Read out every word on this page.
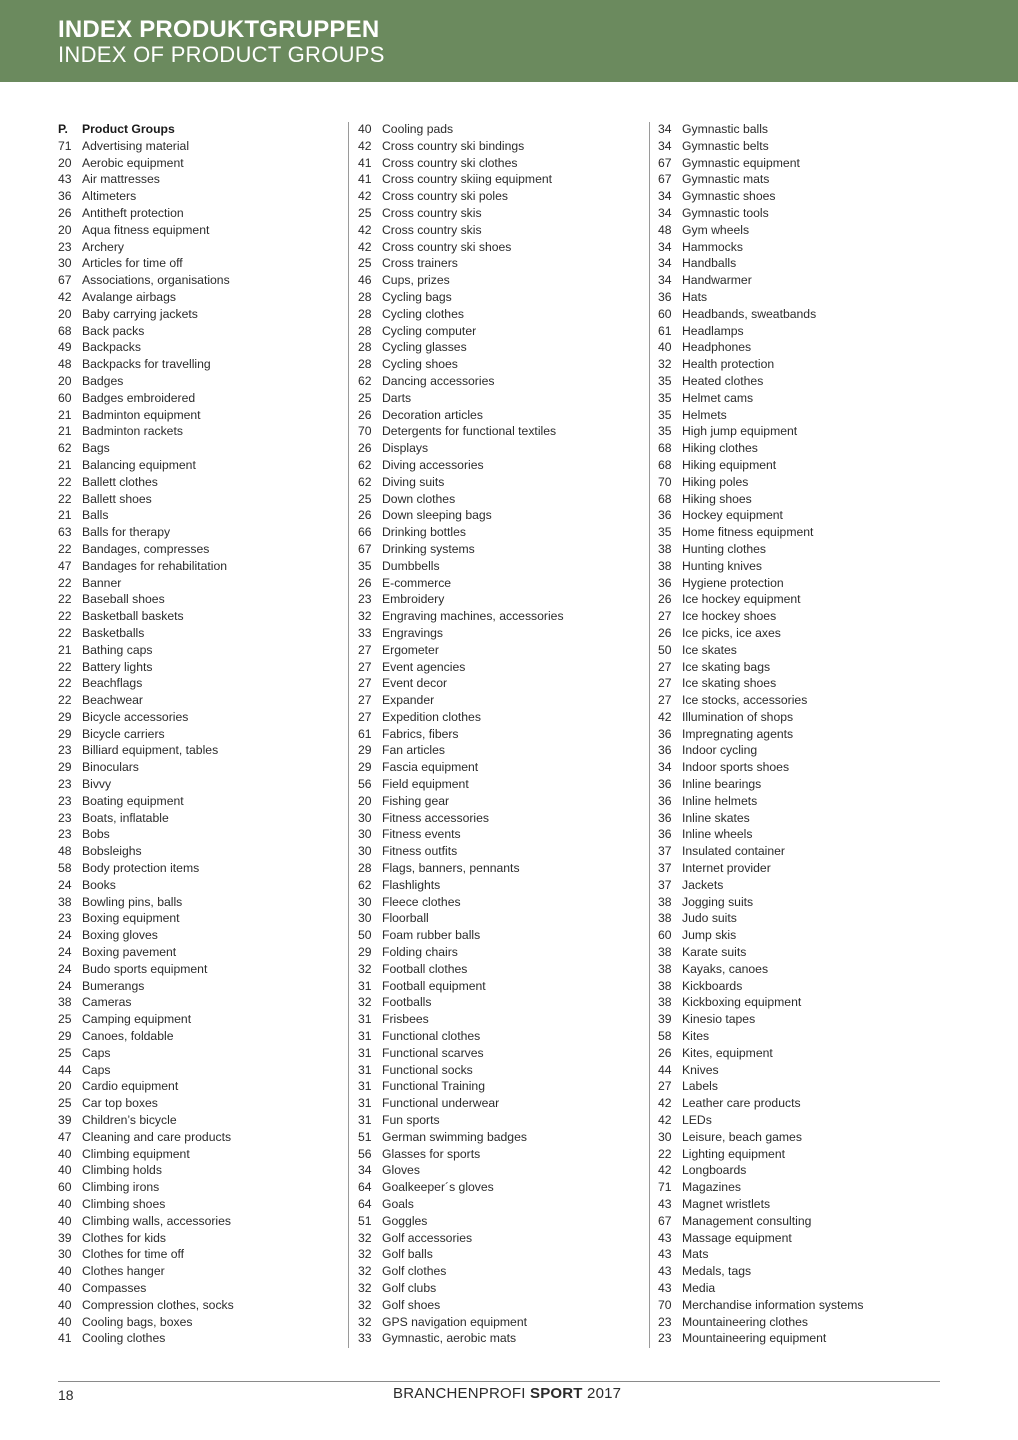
INDEX PRODUKTGRUPPEN
INDEX OF PRODUCT GROUPS
P.	Product Groups
71 Advertising material
20 Aerobic equipment
43 Air mattresses
36 Altimeters
26 Antitheft protection
20 Aqua fitness equipment
23 Archery
30 Articles for time off
67 Associations, organisations
42 Avalange airbags
20 Baby carrying jackets
68 Back packs
49 Backpacks
48 Backpacks for travelling
20 Badges
60 Badges embroidered
21 Badminton equipment
21 Badminton rackets
62 Bags
21 Balancing equipment
22 Ballett clothes
22 Ballett shoes
21 Balls
63 Balls for therapy
22 Bandages, compresses
47 Bandages for rehabilitation
22 Banner
22 Baseball shoes
22 Basketball baskets
22 Basketballs
21 Bathing caps
22 Battery lights
22 Beachflags
22 Beachwear
29 Bicycle accessories
29 Bicycle carriers
23 Billiard equipment, tables
29 Binoculars
23 Bivvy
23 Boating equipment
23 Boats, inflatable
23 Bobs
48 Bobsleighs
58 Body protection items
24 Books
38 Bowling pins, balls
23 Boxing equipment
24 Boxing gloves
24 Boxing pavement
24 Budo sports equipment
24 Bumerangs
38 Cameras
25 Camping equipment
29 Canoes, foldable
25 Caps
44 Caps
20 Cardio equipment
25 Car top boxes
39 Children’s bicycle
47 Cleaning and care products
40 Climbing equipment
40 Climbing holds
60 Climbing irons
40 Climbing shoes
40 Climbing walls, accessories
39 Clothes for kids
30 Clothes for time off
40 Clothes hanger
40 Compasses
40 Compression clothes, socks
40 Cooling bags, boxes
41 Cooling clothes
40 Cooling pads
42 Cross country ski bindings
41 Cross country ski clothes
41 Cross country skiing equipment
42 Cross country ski poles
25 Cross country skis
42 Cross country skis
42 Cross country ski shoes
25 Cross trainers
46 Cups, prizes
28 Cycling bags
28 Cycling clothes
28 Cycling computer
28 Cycling glasses
28 Cycling shoes
62 Dancing accessories
25 Darts
26 Decoration articles
70 Detergents for functional textiles
26 Displays
62 Diving accessories
62 Diving suits
25 Down clothes
26 Down sleeping bags
66 Drinking bottles
67 Drinking systems
35 Dumbbells
26 E-commerce
23 Embroidery
32 Engraving machines, accessories
33 Engravings
27 Ergometer
27 Event agencies
27 Event decor
27 Expander
27 Expedition clothes
61 Fabrics, fibers
29 Fan articles
29 Fascia equipment
56 Field equipment
20 Fishing gear
30 Fitness accessories
30 Fitness events
30 Fitness outfits
28 Flags, banners, pennants
62 Flashlights
30 Fleece clothes
30 Floorball
50 Foam rubber balls
29 Folding chairs
32 Football clothes
31 Football equipment
32 Footballs
31 Frisbees
31 Functional clothes
31 Functional scarves
31 Functional socks
31 Functional Training
31 Functional underwear
31 Fun sports
51 German swimming badges
56 Glasses for sports
34 Gloves
64 Goalkeeper´s gloves
64 Goals
51 Goggles
32 Golf accessories
32 Golf balls
32 Golf clothes
32 Golf clubs
32 Golf shoes
32 GPS navigation equipment
33 Gymnastic, aerobic mats
34 Gymnastic balls
34 Gymnastic belts
67 Gymnastic equipment
67 Gymnastic mats
34 Gymnastic shoes
34 Gymnastic tools
48 Gym wheels
34 Hammocks
34 Handballs
34 Handwarmer
36 Hats
60 Headbands, sweatbands
61 Headlamps
40 Headphones
32 Health protection
35 Heated clothes
35 Helmet cams
35 Helmets
35 High jump equipment
68 Hiking clothes
68 Hiking equipment
70 Hiking poles
68 Hiking shoes
36 Hockey equipment
35 Home fitness equipment
38 Hunting clothes
38 Hunting knives
36 Hygiene protection
26 Ice hockey equipment
27 Ice hockey shoes
26 Ice picks, ice axes
50 Ice skates
27 Ice skating bags
27 Ice skating shoes
27 Ice stocks, accessories
42 Illumination of shops
36 Impregnating agents
36 Indoor cycling
34 Indoor sports shoes
36 Inline bearings
36 Inline helmets
36 Inline skates
36 Inline wheels
37 Insulated container
37 Internet provider
37 Jackets
38 Jogging suits
38 Judo suits
60 Jump skis
38 Karate suits
38 Kayaks, canoes
38 Kickboards
38 Kickboxing equipment
39 Kinesio tapes
58 Kites
26 Kites, equipment
44 Knives
27 Labels
42 Leather care products
42 LEDs
30 Leisure, beach games
22 Lighting equipment
42 Longboards
71 Magazines
43 Magnet wristlets
67 Management consulting
43 Massage equipment
43 Mats
43 Medals, tags
43 Media
70 Merchandise information systems
23 Mountaineering clothes
23 Mountaineering equipment
18	BRANCHENPROFI SPORT 2017
